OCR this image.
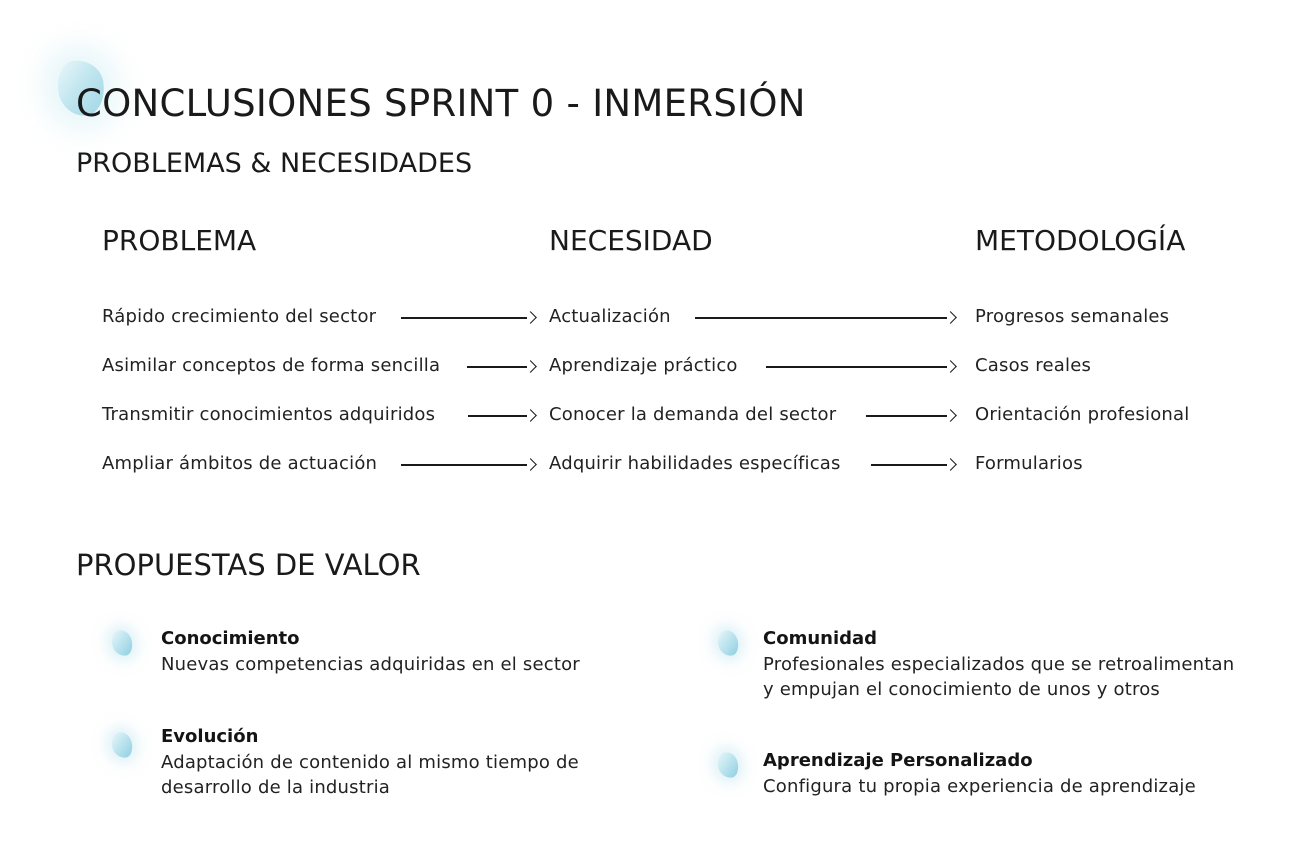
CONCLUSIONES SPRINT 0 - INMERSIÓN
PROBLEMAS & NECESIDADES
PROBLEMA	NECESIDAD	METODOLOGÍA
Rápido crecimiento del sector	Actualización	Progresos semanales
Asimilar conceptos de forma sencilla	Aprendizaje práctico	Casos reales
Transmitir conocimientos adquiridos	Conocer la demanda del sector	Orientación profesional
Ampliar ámbitos de actuación	Adquirir habilidades específicas	Formularios
PROPUESTAS DE VALOR
Conocimiento
Nuevas competencias adquiridas en el sector
Comunidad
Profesionales especializados que se retroalimentan
y empujan el conocimiento de unos y otros
Evolución
Adaptación de contenido al mismo tiempo de
desarrollo de la industria
Aprendizaje Personalizado
Configura tu propia experiencia de aprendizaje
